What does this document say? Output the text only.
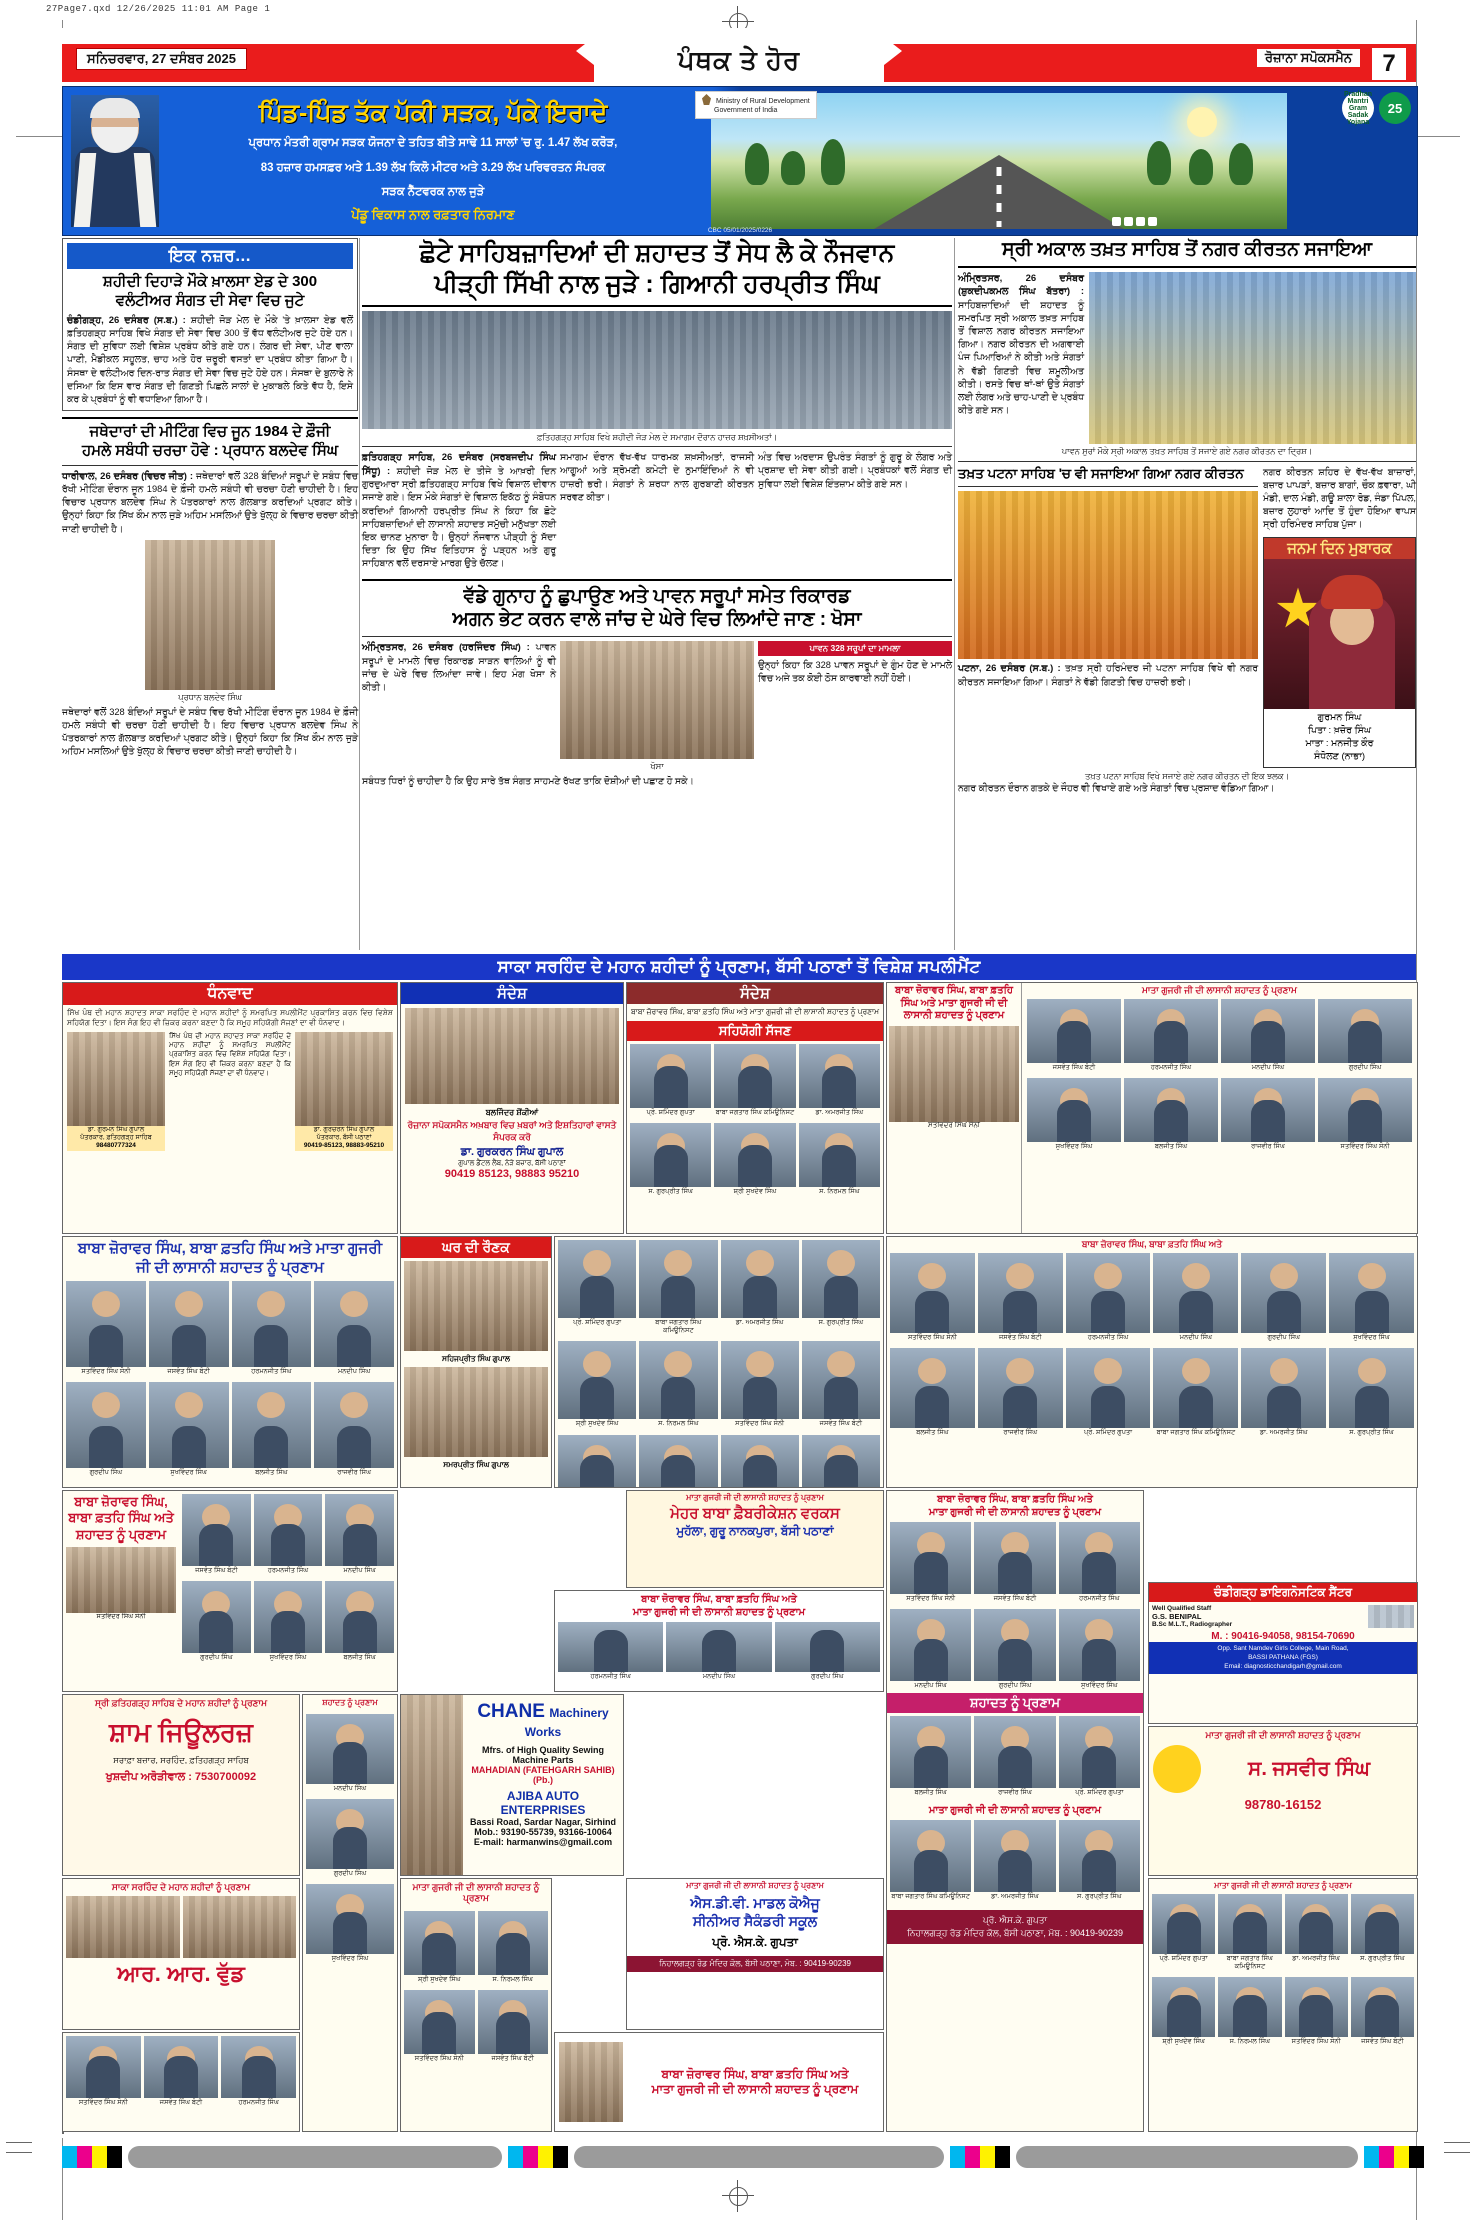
27Page7.qxd 12/26/2025 11:01 AM Page 1
ਸਨਿਚਰਵਾਰ, 27 ਦਸੰਬਰ 2025	ਪੰਥਕ ਤੇ ਹੋਰ	ਰੋਜ਼ਾਨਾ ਸਪੋਕਸਮੈਨ	7
ਪਿੰਡ-ਪਿੰਡ ਤੱਕ ਪੱਕੀ ਸੜਕ, ਪੱਕੇ ਇਰਾਦੇ
ਪ੍ਰਧਾਨ ਮੰਤਰੀ ਗ੍ਰਾਮ ਸੜਕ ਯੋਜਨਾ ਦੇ ਤਹਿਤ ਬੀਤੇ ਸਾਢੇ 11 ਸਾਲਾਂ 'ਚ ਰੁ. 1.47 ਲੱਖ ਕਰੋੜ,
83 ਹਜ਼ਾਰ ਹਮਸਫ਼ਰ ਅਤੇ 1.39 ਲੱਖ ਕਿਲੋ ਮੀਟਰ ਅਤੇ 3.29 ਲੱਖ ਪਰਿਵਰਤਨ ਸੰਪਰਕ
ਸੜਕ ਨੈੱਟਵਰਕ ਨਾਲ ਜੁੜੇ
ਪੇਂਡੂ ਵਿਕਾਸ ਨਾਲ ਰਫ਼ਤਾਰ ਨਿਰਮਾਣ
Ministry of Rural Development
Government of India
Pradhan Mantri Gram Sadak Yojana
25
CBC 05/01/2025/0226
ਇਕ ਨਜ਼ਰ...
ਸ਼ਹੀਦੀ ਦਿਹਾੜੇ ਮੌਕੇ ਖ਼ਾਲਸਾ ਏਡ ਦੇ 300
ਵਲੰਟੀਅਰ ਸੰਗਤ ਦੀ ਸੇਵਾ ਵਿਚ ਜੁਟੇ
ਚੰਡੀਗੜ੍ਹ, 26 ਦਸੰਬਰ (ਸ.ਬ.) : ਸ਼ਹੀਦੀ ਜੋੜ ਮੇਲ ਦੇ ਮੌਕੇ 'ਤੇ ਖ਼ਾਲਸਾ ਏਡ ਵਲੋਂ ਫ਼ਤਿਹਗੜ੍ਹ ਸਾਹਿਬ ਵਿਖੇ ਸੰਗਤ ਦੀ ਸੇਵਾ ਵਿਚ 300 ਤੋਂ ਵੱਧ ਵਲੰਟੀਅਰ ਜੁਟੇ ਹੋਏ ਹਨ। ਸੰਗਤ ਦੀ ਸੁਵਿਧਾ ਲਈ ਵਿਸ਼ੇਸ਼ ਪ੍ਰਬੰਧ ਕੀਤੇ ਗਏ ਹਨ। ਲੰਗਰ ਦੀ ਸੇਵਾ, ਪੀਣ ਵਾਲਾ ਪਾਣੀ, ਮੈਡੀਕਲ ਸਹੂਲਤ, ਚਾਹ ਅਤੇ ਹੋਰ ਜ਼ਰੂਰੀ ਵਸਤਾਂ ਦਾ ਪ੍ਰਬੰਧ ਕੀਤਾ ਗਿਆ ਹੈ। ਸੰਸਥਾ ਦੇ ਵਲੰਟੀਅਰ ਦਿਨ-ਰਾਤ ਸੰਗਤ ਦੀ ਸੇਵਾ ਵਿਚ ਜੁਟੇ ਹੋਏ ਹਨ। ਸੰਸਥਾ ਦੇ ਬੁਲਾਰੇ ਨੇ ਦਸਿਆ ਕਿ ਇਸ ਵਾਰ ਸੰਗਤ ਦੀ ਗਿਣਤੀ ਪਿਛਲੇ ਸਾਲਾਂ ਦੇ ਮੁਕਾਬਲੇ ਕਿਤੇ ਵੱਧ ਹੈ, ਇਸੇ ਕਰ ਕੇ ਪ੍ਰਬੰਧਾਂ ਨੂੰ ਵੀ ਵਧਾਇਆ ਗਿਆ ਹੈ।
ਜਥੇਦਾਰਾਂ ਦੀ ਮੀਟਿੰਗ ਵਿਚ ਜੂਨ 1984 ਦੇ ਫ਼ੌਜੀ
ਹਮਲੇ ਸਬੰਧੀ ਚਰਚਾ ਹੋਵੇ : ਪ੍ਰਧਾਨ ਬਲਦੇਵ ਸਿੰਘ
ਧਾਰੀਵਾਲ, 26 ਦਸੰਬਰ (ਵਿਚਰ ਜੀਤ) : ਜਥੇਦਾਰਾਂ ਵਲੋਂ 328 ਬੰਦਿਆਂ ਸਰੂਪਾਂ ਦੇ ਸਬੰਧ ਵਿਚ ਰੱਖੀ ਮੀਟਿੰਗ ਦੌਰਾਨ ਜੂਨ 1984 ਦੇ ਫ਼ੌਜੀ ਹਮਲੇ ਸਬੰਧੀ ਵੀ ਚਰਚਾ ਹੋਣੀ ਚਾਹੀਦੀ ਹੈ। ਇਹ ਵਿਚਾਰ ਪ੍ਰਧਾਨ ਬਲਦੇਵ ਸਿੰਘ ਨੇ ਪੱਤਰਕਾਰਾਂ ਨਾਲ ਗੱਲਬਾਤ ਕਰਦਿਆਂ ਪ੍ਰਗਟ ਕੀਤੇ। ਉਨ੍ਹਾਂ ਕਿਹਾ ਕਿ ਸਿੱਖ ਕੌਮ ਨਾਲ ਜੁੜੇ ਅਹਿਮ ਮਸਲਿਆਂ ਉਤੇ ਖੁੱਲ੍ਹ ਕੇ ਵਿਚਾਰ ਚਰਚਾ ਕੀਤੀ ਜਾਣੀ ਚਾਹੀਦੀ ਹੈ।
ਪ੍ਰਧਾਨ ਬਲਦੇਵ ਸਿੰਘ
ਜਥੇਦਾਰਾਂ ਵਲੋਂ 328 ਬੰਦਿਆਂ ਸਰੂਪਾਂ ਦੇ ਸਬੰਧ ਵਿਚ ਰੱਖੀ ਮੀਟਿੰਗ ਦੌਰਾਨ ਜੂਨ 1984 ਦੇ ਫ਼ੌਜੀ ਹਮਲੇ ਸਬੰਧੀ ਵੀ ਚਰਚਾ ਹੋਣੀ ਚਾਹੀਦੀ ਹੈ। ਇਹ ਵਿਚਾਰ ਪ੍ਰਧਾਨ ਬਲਦੇਵ ਸਿੰਘ ਨੇ ਪੱਤਰਕਾਰਾਂ ਨਾਲ ਗੱਲਬਾਤ ਕਰਦਿਆਂ ਪ੍ਰਗਟ ਕੀਤੇ। ਉਨ੍ਹਾਂ ਕਿਹਾ ਕਿ ਸਿੱਖ ਕੌਮ ਨਾਲ ਜੁੜੇ ਅਹਿਮ ਮਸਲਿਆਂ ਉਤੇ ਖੁੱਲ੍ਹ ਕੇ ਵਿਚਾਰ ਚਰਚਾ ਕੀਤੀ ਜਾਣੀ ਚਾਹੀਦੀ ਹੈ।
ਛੋਟੇ ਸਾਹਿਬਜ਼ਾਦਿਆਂ ਦੀ ਸ਼ਹਾਦਤ ਤੋਂ ਸੇਧ ਲੈ ਕੇ ਨੌਜਵਾਨ
ਪੀੜ੍ਹੀ ਸਿੱਖੀ ਨਾਲ ਜੁੜੇ : ਗਿਆਨੀ ਹਰਪ੍ਰੀਤ ਸਿੰਘ
ਫ਼ਤਿਹਗੜ੍ਹ ਸਾਹਿਬ ਵਿਖੇ ਸ਼ਹੀਦੀ ਜੋੜ ਮੇਲ ਦੇ ਸਮਾਗਮ ਦੌਰਾਨ ਹਾਜ਼ਰ ਸ਼ਖ਼ਸੀਅਤਾਂ।
ਫ਼ਤਿਹਗੜ੍ਹ ਸਾਹਿਬ, 26 ਦਸੰਬਰ (ਸਰਬਜਦੀਪ ਸਿੰਘ ਸਿੱਧੂ) : ਸ਼ਹੀਦੀ ਜੋੜ ਮੇਲ ਦੇ ਤੀਜੇ ਤੇ ਆਖ਼ਰੀ ਦਿਨ ਗੁਰਦੁਆਰਾ ਸ੍ਰੀ ਫ਼ਤਿਹਗੜ੍ਹ ਸਾਹਿਬ ਵਿਖੇ ਵਿਸ਼ਾਲ ਦੀਵਾਨ ਸਜਾਏ ਗਏ। ਇਸ ਮੌਕੇ ਸੰਗਤਾਂ ਦੇ ਵਿਸ਼ਾਲ ਇਕੱਠ ਨੂੰ ਸੰਬੋਧਨ ਕਰਦਿਆਂ ਗਿਆਨੀ ਹਰਪ੍ਰੀਤ ਸਿੰਘ ਨੇ ਕਿਹਾ ਕਿ ਛੋਟੇ ਸਾਹਿਬਜ਼ਾਦਿਆਂ ਦੀ ਲਾਸਾਨੀ ਸ਼ਹਾਦਤ ਸਮੁੱਚੀ ਮਨੁੱਖਤਾ ਲਈ ਇਕ ਚਾਨਣ ਮੁਨਾਰਾ ਹੈ। ਉਨ੍ਹਾਂ ਨੌਜਵਾਨ ਪੀੜ੍ਹੀ ਨੂੰ ਸੱਦਾ ਦਿਤਾ ਕਿ ਉਹ ਸਿੱਖ ਇਤਿਹਾਸ ਨੂੰ ਪੜ੍ਹਨ ਅਤੇ ਗੁਰੂ ਸਾਹਿਬਾਨ ਵਲੋਂ ਦਰਸਾਏ ਮਾਰਗ ਉਤੇ ਚੱਲਣ।
ਸਮਾਗਮ ਦੌਰਾਨ ਵੱਖ-ਵੱਖ ਧਾਰਮਕ ਸ਼ਖ਼ਸੀਅਤਾਂ, ਰਾਜਸੀ ਆਗੂਆਂ ਅਤੇ ਸ਼੍ਰੋਮਣੀ ਕਮੇਟੀ ਦੇ ਨੁਮਾਇੰਦਿਆਂ ਨੇ ਵੀ ਹਾਜ਼ਰੀ ਭਰੀ। ਸੰਗਤਾਂ ਨੇ ਸ਼ਰਧਾ ਨਾਲ ਗੁਰਬਾਣੀ ਕੀਰਤਨ ਸਰਵਣ ਕੀਤਾ।
ਅੰਤ ਵਿਚ ਅਰਦਾਸ ਉਪਰੰਤ ਸੰਗਤਾਂ ਨੂੰ ਗੁਰੂ ਕੇ ਲੰਗਰ ਅਤੇ ਪ੍ਰਸ਼ਾਦ ਦੀ ਸੇਵਾ ਕੀਤੀ ਗਈ। ਪ੍ਰਬੰਧਕਾਂ ਵਲੋਂ ਸੰਗਤ ਦੀ ਸੁਵਿਧਾ ਲਈ ਵਿਸ਼ੇਸ਼ ਇੰਤਜ਼ਾਮ ਕੀਤੇ ਗਏ ਸਨ।
ਵੱਡੇ ਗੁਨਾਹ ਨੂੰ ਛੁਪਾਉਣ ਅਤੇ ਪਾਵਨ ਸਰੂਪਾਂ ਸਮੇਤ ਰਿਕਾਰਡ
ਅਗਨ ਭੇਟ ਕਰਨ ਵਾਲੇ ਜਾਂਚ ਦੇ ਘੇਰੇ ਵਿਚ ਲਿਆਂਦੇ ਜਾਣ : ਖੋਸਾ
ਅੰਮ੍ਰਿਤਸਰ, 26 ਦਸੰਬਰ (ਹਰਜਿੰਦਰ ਸਿੰਘ) : ਪਾਵਨ ਸਰੂਪਾਂ ਦੇ ਮਾਮਲੇ ਵਿਚ ਰਿਕਾਰਡ ਸਾੜਨ ਵਾਲਿਆਂ ਨੂੰ ਵੀ ਜਾਂਚ ਦੇ ਘੇਰੇ ਵਿਚ ਲਿਆਂਦਾ ਜਾਵੇ। ਇਹ ਮੰਗ ਖੋਸਾ ਨੇ ਕੀਤੀ।
ਖੋਸਾ
ਪਾਵਨ 328 ਸਰੂਪਾਂ ਦਾ ਮਾਮਲਾ
ਉਨ੍ਹਾਂ ਕਿਹਾ ਕਿ 328 ਪਾਵਨ ਸਰੂਪਾਂ ਦੇ ਗੁੰਮ ਹੋਣ ਦੇ ਮਾਮਲੇ ਵਿਚ ਅਜੇ ਤਕ ਕੋਈ ਠੋਸ ਕਾਰਵਾਈ ਨਹੀਂ ਹੋਈ।
ਸਬੰਧਤ ਧਿਰਾਂ ਨੂੰ ਚਾਹੀਦਾ ਹੈ ਕਿ ਉਹ ਸਾਰੇ ਤੱਥ ਸੰਗਤ ਸਾਹਮਣੇ ਰੱਖਣ ਤਾਕਿ ਦੋਸ਼ੀਆਂ ਦੀ ਪਛਾਣ ਹੋ ਸਕੇ।
ਸ੍ਰੀ ਅਕਾਲ ਤਖ਼ਤ ਸਾਹਿਬ ਤੋਂ ਨਗਰ ਕੀਰਤਨ ਸਜਾਇਆ
ਅੰਮ੍ਰਿਤਸਰ, 26 ਦਸੰਬਰ (ਸ਼ੁਕਦੀਪਕਮਲ ਸਿੰਘ ਬੱਤਰਾ) : ਸਾਹਿਬਜ਼ਾਦਿਆਂ ਦੀ ਸ਼ਹਾਦਤ ਨੂੰ ਸਮਰਪਿਤ ਸ੍ਰੀ ਅਕਾਲ ਤਖ਼ਤ ਸਾਹਿਬ ਤੋਂ ਵਿਸ਼ਾਲ ਨਗਰ ਕੀਰਤਨ ਸਜਾਇਆ ਗਿਆ। ਨਗਰ ਕੀਰਤਨ ਦੀ ਅਗਵਾਈ ਪੰਜ ਪਿਆਰਿਆਂ ਨੇ ਕੀਤੀ ਅਤੇ ਸੰਗਤਾਂ ਨੇ ਵੱਡੀ ਗਿਣਤੀ ਵਿਚ ਸ਼ਮੂਲੀਅਤ ਕੀਤੀ। ਰਸਤੇ ਵਿਚ ਥਾਂ-ਥਾਂ ਉਤੇ ਸੰਗਤਾਂ ਲਈ ਲੰਗਰ ਅਤੇ ਚਾਹ-ਪਾਣੀ ਦੇ ਪ੍ਰਬੰਧ ਕੀਤੇ ਗਏ ਸਨ।
ਪਾਵਨ ਸੁਰਾਂ ਮੌਕੇ ਸ੍ਰੀ ਅਕਾਲ ਤਖ਼ਤ ਸਾਹਿਬ ਤੋਂ ਸਜਾਏ ਗਏ ਨਗਰ ਕੀਰਤਨ ਦਾ ਦ੍ਰਿਸ਼।
ਤਖ਼ਤ ਪਟਨਾ ਸਾਹਿਬ 'ਚ ਵੀ ਸਜਾਇਆ ਗਿਆ ਨਗਰ ਕੀਰਤਨ
ਪਟਨਾ, 26 ਦਸੰਬਰ (ਸ.ਬ.) : ਤਖ਼ਤ ਸ੍ਰੀ ਹਰਿਮੰਦਰ ਜੀ ਪਟਨਾ ਸਾਹਿਬ ਵਿਖੇ ਵੀ ਨਗਰ ਕੀਰਤਨ ਸਜਾਇਆ ਗਿਆ। ਸੰਗਤਾਂ ਨੇ ਵੱਡੀ ਗਿਣਤੀ ਵਿਚ ਹਾਜ਼ਰੀ ਭਰੀ।
ਨਗਰ ਕੀਰਤਨ ਸ਼ਹਿਰ ਦੇ ਵੱਖ-ਵੱਖ ਬਾਜ਼ਾਰਾਂ, ਬਜ਼ਾਰ ਪਾਪੜਾਂ, ਬਜ਼ਾਰ ਬਾਗਾਂ, ਚੌਕ ਫ਼ਵਾਰਾ, ਘੀ ਮੰਡੀ, ਦਾਲ ਮੰਡੀ, ਗਊ ਸ਼ਾਲਾ ਰੋਡ, ਜੰਡਾ ਪਿੱਪਲ, ਬਜ਼ਾਰ ਲੁਹਾਰਾਂ ਆਦਿ ਤੋਂ ਹੁੰਦਾ ਹੋਇਆ ਵਾਪਸ ਸ੍ਰੀ ਹਰਿਮੰਦਰ ਸਾਹਿਬ ਪੁੱਜਾ।
ਜਨਮ ਦਿਨ ਮੁਬਾਰਕ
ਗੁਰਮਨ ਸਿੰਘ
ਪਿਤਾ : ਖ਼ਜ਼ੋਰ ਸਿੰਘ
ਮਾਤਾ : ਮਨਜੀਤ ਕੌਰ
ਸੰਧੋਲਣ (ਨਾਭਾ)
ਤਖ਼ਤ ਪਟਨਾ ਸਾਹਿਬ ਵਿਖੇ ਸਜਾਏ ਗਏ ਨਗਰ ਕੀਰਤਨ ਦੀ ਇਕ ਝਲਕ।
ਨਗਰ ਕੀਰਤਨ ਦੌਰਾਨ ਗਤਕੇ ਦੇ ਜੌਹਰ ਵੀ ਵਿਖਾਏ ਗਏ ਅਤੇ ਸੰਗਤਾਂ ਵਿਚ ਪ੍ਰਸ਼ਾਦ ਵੰਡਿਆ ਗਿਆ।
ਸਾਕਾ ਸਰਹਿੰਦ ਦੇ ਮਹਾਨ ਸ਼ਹੀਦਾਂ ਨੂੰ ਪ੍ਰਣਾਮ, ਬੱਸੀ ਪਠਾਣਾਂ ਤੋਂ ਵਿਸ਼ੇਸ਼ ਸਪਲੀਮੈਂਟ
ਧੰਨਵਾਦ
ਸਿੱਖ ਪੰਥ ਦੀ ਮਹਾਨ ਸ਼ਹਾਦਤ ਸਾਕਾ ਸਰਹਿੰਦ ਦੇ ਮਹਾਨ ਸ਼ਹੀਦਾਂ ਨੂੰ ਸਮਰਪਿਤ ਸਪਲੀਮੈਂਟ ਪ੍ਰਕਾਸ਼ਿਤ ਕਰਨ ਵਿਚ ਵਿਸ਼ੇਸ਼ ਸਹਿਯੋਗ ਦਿਤਾ। ਇਸ ਸੰਗ ਇਹ ਵੀ ਜ਼ਿਕਰ ਕਰਨਾ ਬਣਦਾ ਹੈ ਕਿ ਸਮੂਹ ਸਹਿਯੋਗੀ ਸੱਜਣਾਂ ਦਾ ਵੀ ਧੰਨਵਾਦ।
ਡਾ. ਗੁਰਮਨ ਸਿੰਘ ਗੁਪਾਲ
ਪੱਤਰਕਾਰ, ਫ਼ਤਿਹਗੜ੍ਹ ਸਾਹਿਬ
98480777324
ਸਿੱਖ ਪੰਥ ਦੀ ਮਹਾਨ ਸ਼ਹਾਦਤ ਸਾਕਾ ਸਰਹਿੰਦ ਦੇ ਮਹਾਨ ਸ਼ਹੀਦਾਂ ਨੂੰ ਸਮਰਪਿਤ ਸਪਲੀਮੈਂਟ ਪ੍ਰਕਾਸ਼ਿਤ ਕਰਨ ਵਿਚ ਵਿਸ਼ੇਸ਼ ਸਹਿਯੋਗ ਦਿਤਾ। ਇਸ ਸੰਗ ਇਹ ਵੀ ਜ਼ਿਕਰ ਕਰਨਾ ਬਣਦਾ ਹੈ ਕਿ ਸਮੂਹ ਸਹਿਯੋਗੀ ਸੱਜਣਾਂ ਦਾ ਵੀ ਧੰਨਵਾਦ।
ਡਾ. ਗੁਰਚਰਨ ਸਿੰਘ ਗੁਪਾਲ
ਪੱਤਰਕਾਰ, ਬੱਸੀ ਪਠਾਣਾਂ
90419-85123, 98883-95210
ਸੰਦੇਸ਼
ਬਲਜਿੰਦਰ ਸ਼ੌਂਕੀਆਂ
ਰੋਜ਼ਾਨਾ ਸਪੋਕਸਮੈਨ ਅਖ਼ਬਾਰ ਵਿਚ ਖ਼ਬਰਾਂ ਅਤੇ ਇਸ਼ਤਿਹਾਰਾਂ ਵਾਸਤੇ ਸੰਪਰਕ ਕਰੋ
ਡਾ. ਗੁਰਕਰਨ ਸਿੰਘ ਗੁਪਾਲ
ਗੁਪਾਲ ਡੈਂਟਲ ਲੈਬ, ਨੇੜੇ ਬਜ਼ਾਰ, ਬੱਸੀ ਪਠਾਣਾਂ
90419 85123, 98883 95210
ਸੰਦੇਸ਼
ਬਾਬਾ ਜ਼ੋਰਾਵਰ ਸਿੰਘ, ਬਾਬਾ ਫ਼ਤਹਿ ਸਿੰਘ ਅਤੇ ਮਾਤਾ ਗੁਜਰੀ ਜੀ ਦੀ ਲਾਸਾਨੀ ਸ਼ਹਾਦਤ ਨੂੰ ਪ੍ਰਣਾਮ
ਸਹਿਯੋਗੀ ਸੱਜਣ
ਪ੍ਰੋ. ਸ਼ਮਿੰਦਰ ਗੁਪਤਾ	ਬਾਬਾ ਜਗਤਾਰ ਸਿੰਘ ਕਮਿਊਨਿਸਟ	ਡਾ. ਅਮਰਜੀਤ ਸਿੰਘ
ਸ. ਗੁਰਪ੍ਰੀਤ ਸਿੰਘ	ਸ਼੍ਰੀ ਸੁਖਦੇਵ ਸਿੰਘ	ਸ. ਨਿਰਮਲ ਸਿੰਘ
ਬਾਬਾ ਜ਼ੋਰਾਵਰ ਸਿੰਘ, ਬਾਬਾ ਫ਼ਤਹਿ ਸਿੰਘ ਅਤੇ ਮਾਤਾ ਗੁਜਰੀ ਜੀ ਦੀ ਲਾਸਾਨੀ ਸ਼ਹਾਦਤ ਨੂੰ ਪ੍ਰਣਾਮ
ਸਤਵਿੰਦਰ ਸਿੰਘ ਸੋਨੀ
ਮਾਤਾ ਗੁਜਰੀ ਜੀ ਦੀ ਲਾਸਾਨੀ ਸ਼ਹਾਦਤ ਨੂੰ ਪ੍ਰਣਾਮ
ਜਸਵੰਤ ਸਿੰਘ ਬੰਟੀ	ਹਰਮਨਜੀਤ ਸਿੰਘ	ਮਨਦੀਪ ਸਿੰਘ	ਗੁਰਦੀਪ ਸਿੰਘ
ਸੁਖਵਿੰਦਰ ਸਿੰਘ	ਬਲਜੀਤ ਸਿੰਘ	ਰਾਜਵੀਰ ਸਿੰਘ	ਸਤਵਿੰਦਰ ਸਿੰਘ ਸੋਨੀ
ਬਾਬਾ ਜ਼ੋਰਾਵਰ ਸਿੰਘ, ਬਾਬਾ ਫ਼ਤਹਿ ਸਿੰਘ ਅਤੇ ਮਾਤਾ ਗੁਜਰੀ
ਜੀ ਦੀ ਲਾਸਾਨੀ ਸ਼ਹਾਦਤ ਨੂੰ ਪ੍ਰਣਾਮ
ਸਤਵਿੰਦਰ ਸਿੰਘ ਸੋਨੀ	ਜਸਵੰਤ ਸਿੰਘ ਬੰਟੀ	ਹਰਮਨਜੀਤ ਸਿੰਘ	ਮਨਦੀਪ ਸਿੰਘ
ਗੁਰਦੀਪ ਸਿੰਘ	ਸੁਖਵਿੰਦਰ ਸਿੰਘ	ਬਲਜੀਤ ਸਿੰਘ	ਰਾਜਵੀਰ ਸਿੰਘ
ਘਰ ਦੀ ਰੌਣਕ
ਸਹਿਜਪ੍ਰੀਤ ਸਿੰਘ ਗੁਪਾਲ
ਸਮਰਪ੍ਰੀਤ ਸਿੰਘ ਗੁਪਾਲ
ਪ੍ਰੋ. ਸ਼ਮਿੰਦਰ ਗੁਪਤਾ	ਬਾਬਾ ਜਗਤਾਰ ਸਿੰਘ ਕਮਿਊਨਿਸਟ
ਡਾ. ਅਮਰਜੀਤ ਸਿੰਘ	ਸ. ਗੁਰਪ੍ਰੀਤ ਸਿੰਘ
ਸ਼੍ਰੀ ਸੁਖਦੇਵ ਸਿੰਘ	ਸ. ਨਿਰਮਲ ਸਿੰਘ	ਸਤਵਿੰਦਰ ਸਿੰਘ ਸੋਨੀ	ਜਸਵੰਤ ਸਿੰਘ ਬੰਟੀ
ਬਾਬਾ ਜ਼ੋਰਾਵਰ ਸਿੰਘ, ਬਾਬਾ ਫ਼ਤਹਿ ਸਿੰਘ ਅਤੇ
ਸਤਵਿੰਦਰ ਸਿੰਘ ਸੋਨੀ	ਜਸਵੰਤ ਸਿੰਘ ਬੰਟੀ	ਹਰਮਨਜੀਤ ਸਿੰਘ	ਮਨਦੀਪ ਸਿੰਘ	ਗੁਰਦੀਪ ਸਿੰਘ	ਸੁਖਵਿੰਦਰ ਸਿੰਘ
ਬਲਜੀਤ ਸਿੰਘ	ਰਾਜਵੀਰ ਸਿੰਘ	ਪ੍ਰੋ. ਸ਼ਮਿੰਦਰ ਗੁਪਤਾ	ਬਾਬਾ ਜਗਤਾਰ ਸਿੰਘ ਕਮਿਊਨਿਸਟ	ਡਾ. ਅਮਰਜੀਤ ਸਿੰਘ	ਸ. ਗੁਰਪ੍ਰੀਤ ਸਿੰਘ
ਬਾਬਾ ਜ਼ੋਰਾਵਰ ਸਿੰਘ, ਬਾਬਾ ਫ਼ਤਹਿ ਸਿੰਘ ਅਤੇ
ਸ਼ਹਾਦਤ ਨੂੰ ਪ੍ਰਣਾਮ
ਸਤਵਿੰਦਰ ਸਿੰਘ ਸੋਨੀ
ਜਸਵੰਤ ਸਿੰਘ ਬੰਟੀ	ਹਰਮਨਜੀਤ ਸਿੰਘ	ਮਨਦੀਪ ਸਿੰਘ
ਗੁਰਦੀਪ ਸਿੰਘ	ਸੁਖਵਿੰਦਰ ਸਿੰਘ	ਬਲਜੀਤ ਸਿੰਘ
ਮਾਤਾ ਗੁਜਰੀ ਜੀ ਦੀ ਲਾਸਾਨੀ ਸ਼ਹਾਦਤ ਨੂੰ ਪ੍ਰਣਾਮ
ਮੇਹਰ ਬਾਬਾ ਫ਼ੈਬਰੀਕੇਸ਼ਨ ਵਰਕਸ
ਮੁਹੱਲਾ, ਗੁਰੂ ਨਾਨਕਪੁਰਾ, ਬੱਸੀ ਪਠਾਣਾਂ
ਸ੍ਰੀ ਫ਼ਤਿਹਗੜ੍ਹ ਸਾਹਿਬ ਦੇ ਮਹਾਨ ਸ਼ਹੀਦਾਂ ਨੂੰ ਪ੍ਰਣਾਮ
ਸ਼ਾਮ ਜਿਊਲਰਜ਼
ਸਰਾਫ਼ਾ ਬਜ਼ਾਰ, ਸਰਹਿੰਦ, ਫ਼ਤਿਹਗੜ੍ਹ ਸਾਹਿਬ
ਖੁਸ਼ਦੀਪ ਅਰੋੜੀਵਾਲ : 7530700092
CHANE Machinery Works
Mfrs. of High Quality Sewing Machine Parts
MAHADIAN (FATEHGARH SAHIB) (Pb.)
AJIBA AUTO ENTERPRISES
Bassi Road, Sardar Nagar, Sirhind
Mob.: 93190-55739, 93166-10064
E-mail: harmanwins@gmail.com
ਚੰਡੀਗੜ੍ਹ ਡਾਇਗਨੋਸਟਿਕ ਸੈਂਟਰ
Well Qualified Staff
G.S. BENIPAL
B.Sc M.L.T., Radiographer
M. : 90416-94058, 98154-70690
Opp. Sant Namdev Girls College, Main Road,
BASSI PATHANA (FGS)
Email: diagnosticchandigarh@gmail.com
ਮਾਤਾ ਗੁਜਰੀ ਜੀ ਦੀ ਲਾਸਾਨੀ ਸ਼ਹਾਦਤ ਨੂੰ ਪ੍ਰਣਾਮ
ਸ. ਜਸਵੀਰ ਸਿੰਘ
98780-16152
ਸਾਕਾ ਸਰਹਿੰਦ ਦੇ ਮਹਾਨ ਸ਼ਹੀਦਾਂ ਨੂੰ ਪ੍ਰਣਾਮ
ਆਰ. ਆਰ. ਵੁੱਡ
ਮਾਤਾ ਗੁਜਰੀ ਜੀ ਦੀ ਲਾਸਾਨੀ ਸ਼ਹਾਦਤ ਨੂੰ ਪ੍ਰਣਾਮ
ਐਸ.ਡੀ.ਵੀ. ਮਾਡਲ ਕੋਐਜੂ
ਸੀਨੀਅਰ ਸੈਕੰਡਰੀ ਸਕੂਲ
ਪ੍ਰੋ. ਐਸ.ਕੇ. ਗੁਪਤਾ
ਨਿਹਾਲਗੜ੍ਹ ਰੋਡ ਮੰਦਿਰ ਕੋਲ, ਬੱਸੀ ਪਠਾਣਾ, ਮੋਬ. : 90419-90239
ਸਤਵਿੰਦਰ ਸਿੰਘ ਸੋਨੀ	ਜਸਵੰਤ ਸਿੰਘ ਬੰਟੀ	ਹਰਮਨਜੀਤ ਸਿੰਘ
ਮਾਤਾ ਗੁਜਰੀ ਜੀ ਦੀ ਲਾਸਾਨੀ ਸ਼ਹਾਦਤ ਨੂੰ ਪ੍ਰਣਾਮ
ਪ੍ਰੋ. ਸ਼ਮਿੰਦਰ ਗੁਪਤਾ	ਬਾਬਾ ਜਗਤਾਰ ਸਿੰਘ ਕਮਿਊਨਿਸਟ
ਡਾ. ਅਮਰਜੀਤ ਸਿੰਘ	ਸ. ਗੁਰਪ੍ਰੀਤ ਸਿੰਘ
ਸ਼੍ਰੀ ਸੁਖਦੇਵ ਸਿੰਘ	ਸ. ਨਿਰਮਲ ਸਿੰਘ	ਸਤਵਿੰਦਰ ਸਿੰਘ ਸੋਨੀ	ਜਸਵੰਤ ਸਿੰਘ ਬੰਟੀ
ਬਾਬਾ ਜ਼ੋਰਾਵਰ ਸਿੰਘ, ਬਾਬਾ ਫ਼ਤਹਿ ਸਿੰਘ ਅਤੇ
ਮਾਤਾ ਗੁਜਰੀ ਜੀ ਦੀ ਲਾਸਾਨੀ ਸ਼ਹਾਦਤ ਨੂੰ ਪ੍ਰਣਾਮ
ਸ਼ਹਾਦਤ ਨੂੰ ਪ੍ਰਣਾਮ
ਮਨਦੀਪ ਸਿੰਘ
ਗੁਰਦੀਪ ਸਿੰਘ
ਸੁਖਵਿੰਦਰ ਸਿੰਘ
ਬਾਬਾ ਜ਼ੋਰਾਵਰ ਸਿੰਘ, ਬਾਬਾ ਫ਼ਤਹਿ ਸਿੰਘ ਅਤੇ
ਮਾਤਾ ਗੁਜਰੀ ਜੀ ਦੀ ਲਾਸਾਨੀ ਸ਼ਹਾਦਤ ਨੂੰ ਪ੍ਰਣਾਮ
ਸਤਵਿੰਦਰ ਸਿੰਘ ਸੋਨੀ	ਜਸਵੰਤ ਸਿੰਘ ਬੰਟੀ	ਹਰਮਨਜੀਤ ਸਿੰਘ
ਮਨਦੀਪ ਸਿੰਘ	ਗੁਰਦੀਪ ਸਿੰਘ	ਸੁਖਵਿੰਦਰ ਸਿੰਘ
ਸ਼ਹਾਦਤ ਨੂੰ ਪ੍ਰਣਾਮ
ਬਲਜੀਤ ਸਿੰਘ	ਰਾਜਵੀਰ ਸਿੰਘ	ਪ੍ਰੋ. ਸ਼ਮਿੰਦਰ ਗੁਪਤਾ
ਮਾਤਾ ਗੁਜਰੀ ਜੀ ਦੀ ਲਾਸਾਨੀ ਸ਼ਹਾਦਤ ਨੂੰ ਪ੍ਰਣਾਮ
ਬਾਬਾ ਜਗਤਾਰ ਸਿੰਘ ਕਮਿਊਨਿਸਟ	ਡਾ. ਅਮਰਜੀਤ ਸਿੰਘ	ਸ. ਗੁਰਪ੍ਰੀਤ ਸਿੰਘ
ਪ੍ਰੋ. ਐਸ.ਕੇ. ਗੁਪਤਾ
ਨਿਹਾਲਗੜ੍ਹ ਰੋਡ ਮੰਦਿਰ ਕੋਲ, ਬੱਸੀ ਪਠਾਣਾ, ਮੋਬ. : 90419-90239
ਮਾਤਾ ਗੁਜਰੀ ਜੀ ਦੀ ਲਾਸਾਨੀ ਸ਼ਹਾਦਤ ਨੂੰ ਪ੍ਰਣਾਮ
ਸ਼੍ਰੀ ਸੁਖਦੇਵ ਸਿੰਘ	ਸ. ਨਿਰਮਲ ਸਿੰਘ
ਸਤਵਿੰਦਰ ਸਿੰਘ ਸੋਨੀ	ਜਸਵੰਤ ਸਿੰਘ ਬੰਟੀ
ਬਾਬਾ ਜ਼ੋਰਾਵਰ ਸਿੰਘ, ਬਾਬਾ ਫ਼ਤਹਿ ਸਿੰਘ ਅਤੇ
ਮਾਤਾ ਗੁਜਰੀ ਜੀ ਦੀ ਲਾਸਾਨੀ ਸ਼ਹਾਦਤ ਨੂੰ ਪ੍ਰਣਾਮ
ਹਰਮਨਜੀਤ ਸਿੰਘ	ਮਨਦੀਪ ਸਿੰਘ	ਗੁਰਦੀਪ ਸਿੰਘ
